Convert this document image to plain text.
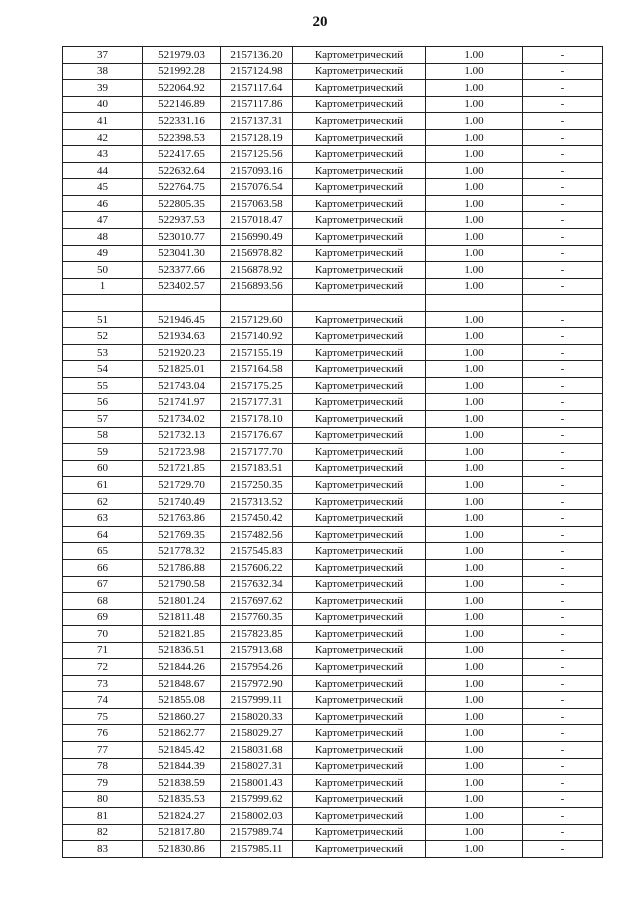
20
37	521979.03	2157136.20	Картометрический	1.00	-
38	521992.28	2157124.98	Картометрический	1.00	-
39	522064.92	2157117.64	Картометрический	1.00	-
40	522146.89	2157117.86	Картометрический	1.00	-
41	522331.16	2157137.31	Картометрический	1.00	-
42	522398.53	2157128.19	Картометрический	1.00	-
43	522417.65	2157125.56	Картометрический	1.00	-
44	522632.64	2157093.16	Картометрический	1.00	-
45	522764.75	2157076.54	Картометрический	1.00	-
46	522805.35	2157063.58	Картометрический	1.00	-
47	522937.53	2157018.47	Картометрический	1.00	-
48	523010.77	2156990.49	Картометрический	1.00	-
49	523041.30	2156978.82	Картометрический	1.00	-
50	523377.66	2156878.92	Картометрический	1.00	-
1	523402.57	2156893.56	Картометрический	1.00	-

51	521946.45	2157129.60	Картометрический	1.00	-
52	521934.63	2157140.92	Картометрический	1.00	-
53	521920.23	2157155.19	Картометрический	1.00	-
54	521825.01	2157164.58	Картометрический	1.00	-
55	521743.04	2157175.25	Картометрический	1.00	-
56	521741.97	2157177.31	Картометрический	1.00	-
57	521734.02	2157178.10	Картометрический	1.00	-
58	521732.13	2157176.67	Картометрический	1.00	-
59	521723.98	2157177.70	Картометрический	1.00	-
60	521721.85	2157183.51	Картометрический	1.00	-
61	521729.70	2157250.35	Картометрический	1.00	-
62	521740.49	2157313.52	Картометрический	1.00	-
63	521763.86	2157450.42	Картометрический	1.00	-
64	521769.35	2157482.56	Картометрический	1.00	-
65	521778.32	2157545.83	Картометрический	1.00	-
66	521786.88	2157606.22	Картометрический	1.00	-
67	521790.58	2157632.34	Картометрический	1.00	-
68	521801.24	2157697.62	Картометрический	1.00	-
69	521811.48	2157760.35	Картометрический	1.00	-
70	521821.85	2157823.85	Картометрический	1.00	-
71	521836.51	2157913.68	Картометрический	1.00	-
72	521844.26	2157954.26	Картометрический	1.00	-
73	521848.67	2157972.90	Картометрический	1.00	-
74	521855.08	2157999.11	Картометрический	1.00	-
75	521860.27	2158020.33	Картометрический	1.00	-
76	521862.77	2158029.27	Картометрический	1.00	-
77	521845.42	2158031.68	Картометрический	1.00	-
78	521844.39	2158027.31	Картометрический	1.00	-
79	521838.59	2158001.43	Картометрический	1.00	-
80	521835.53	2157999.62	Картометрический	1.00	-
81	521824.27	2158002.03	Картометрический	1.00	-
82	521817.80	2157989.74	Картометрический	1.00	-
83	521830.86	2157985.11	Картометрический	1.00	-
